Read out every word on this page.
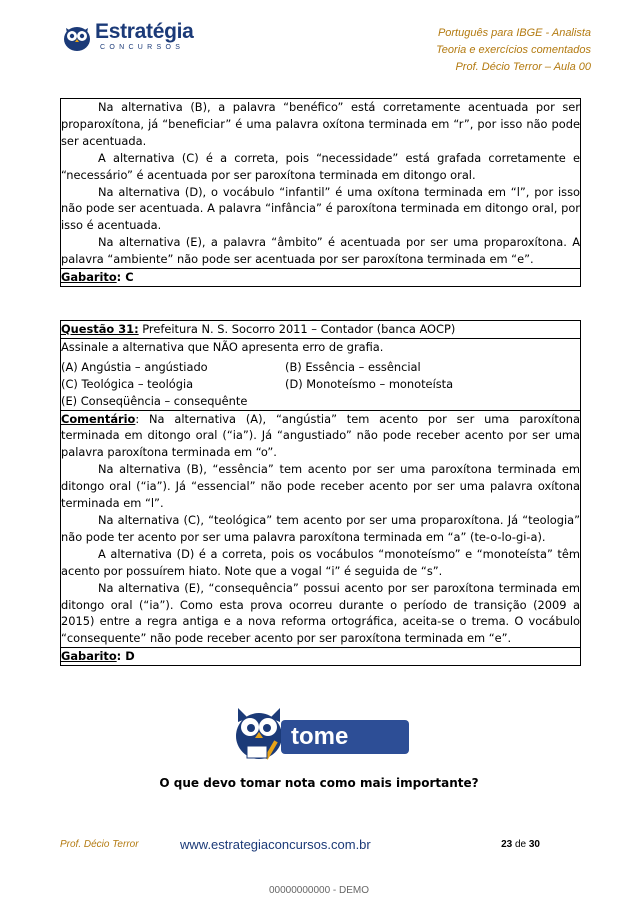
Estratégia
CONCURSOS
Português para IBGE - Analista
Teoria e exercícios comentados
Prof. Décio Terror – Aula 00

Na alternativa (B), a palavra “benéfico” está corretamente acentuada por ser proparoxítona, já “beneficiar” é uma palavra oxítona terminada em “r”, por isso não pode ser acentuada.

A alternativa (C) é a correta, pois “necessidade” está grafada corretamente e “necessário” é acentuada por ser paroxítona terminada em ditongo oral.

Na alternativa (D), o vocábulo “infantil” é uma oxítona terminada em “l”, por isso não pode ser acentuada. A palavra “infância” é paroxítona terminada em ditongo oral, por isso é acentuada.

Na alternativa (E), a palavra “âmbito” é acentuada por ser uma proparoxítona. A palavra “ambiente” não pode ser acentuada por ser paroxítona terminada em “e”.

Gabarito: C
Questão 31: Prefeitura N. S. Socorro 2011 – Contador (banca AOCP)
Assinale a alternativa que NÃO apresenta erro de grafia.
(A) Angústia – angústiado	(B) Essência – essêncial
(C) Teológica – teológia	(D) Monoteísmo – monoteísta
(E) Conseqüência – consequênte

Comentário: Na alternativa (A), “angústia” tem acento por ser uma paroxítona terminada em ditongo oral (“ia”). Já “angustiado” não pode receber acento por ser uma palavra paroxítona terminada em “o”.

Na alternativa (B), “essência” tem acento por ser uma paroxítona terminada em ditongo oral (“ia”). Já “essencial” não pode receber acento por ser uma palavra oxítona terminada em “l”.

Na alternativa (C), “teológica” tem acento por ser uma proparoxítona. Já “teologia” não pode ter acento por ser uma palavra paroxítona terminada em “a” (te-o-lo-gi-a).

A alternativa (D) é a correta, pois os vocábulos “monoteísmo” e “monoteísta” têm acento por possuírem hiato. Note que a vogal “i” é seguida de “s”.

Na alternativa (E), “consequência” possui acento por ser paroxítona terminada em ditongo oral (“ia”). Como esta prova ocorreu durante o período de transição (2009 a 2015) entre a regra antiga e a nova reforma ortográfica, aceita-se o trema. O vocábulo “consequente” não pode receber acento por ser paroxítona terminada em “e”.

Gabarito: D
tome nota!
O que devo tomar nota como mais importante?
Prof. Décio Terror	www.estrategiaconcursos.com.br	23 de 30
00000000000 - DEMO
